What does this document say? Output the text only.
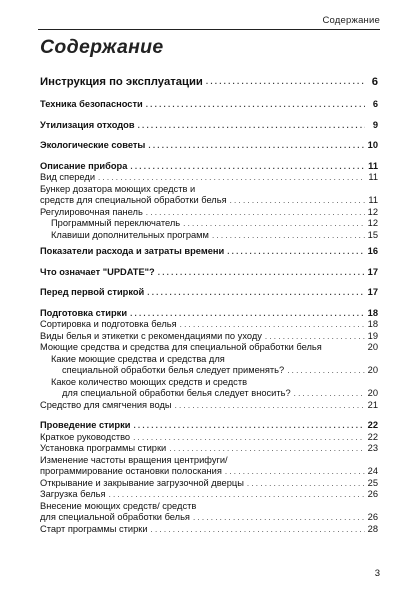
Содержание
Содержание
Инструкция по эксплуатации . . .	6
Техника безопасности . . .	6
Утилизация отходов . . .	9
Экологические советы . . .	10
Описание прибора . . .	11
Вид спереди . . .	11
Бункер дозатора моющих средств и
средств для специальной обработки белья . . .	11
Регулировочная панель . . .	12
Программный переключатель . . .	12
Клавиши дополнительных программ . . .	15
Показатели расхода и затраты времени . . .	16
Что означает "UPDATE"? . . .	17
Перед первой стиркой . . .	17
Подготовка стирки . . .	18
Сортировка и подготовка белья . . .	18
Виды белья и этикетки с рекомендациями по уходу . . .	19
Моющие средства и средства для специальной обработки белья	20
Какие моющие средства и средства для
специальной обработки белья следует применять? . . .	20
Какое количество моющих средств и средств
для специальной обработки белья следует вносить? . . .	20
Средство для смягчения воды . . .	21
Проведение стирки . . .	22
Краткое руководство . . .	22
Установка программы стирки . . .	23
Изменение частоты вращения центрифуги/
программирование остановки полоскания . . .	24
Открывание и закрывание загрузочной дверцы . . .	25
Загрузка белья . . .	26
Внесение моющих средств/ средств
для специальной обработки белья . . .	26
Старт программы стирки . . .	28
3
